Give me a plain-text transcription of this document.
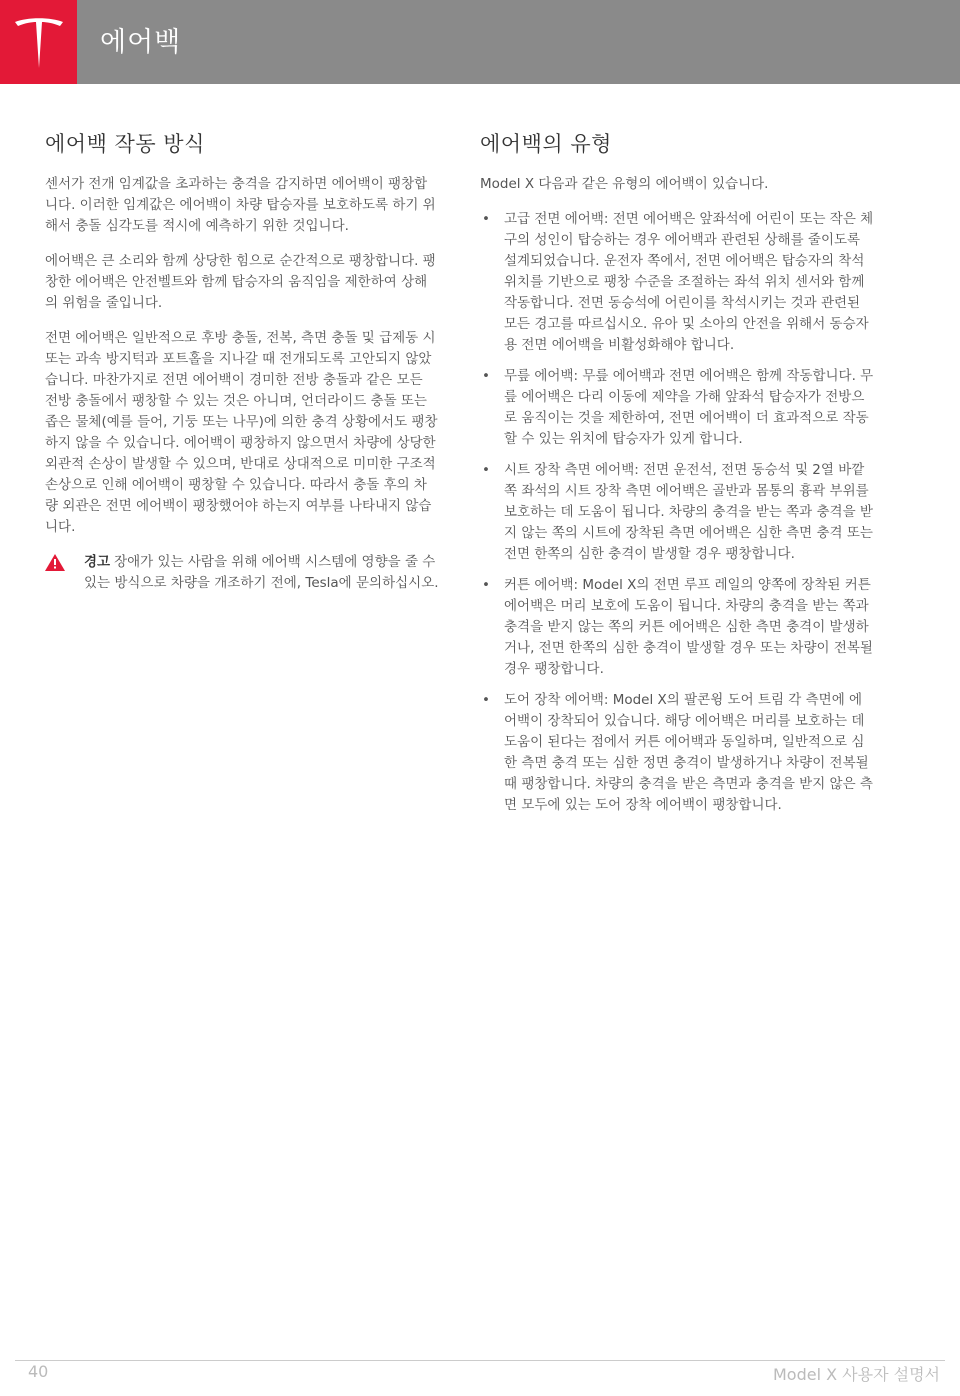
에어백
에어백 작동 방식

센서가 전개 임계값을 초과하는 충격을 감지하면 에어백이 팽창합니다. 이러한 임계값은 에어백이 차량 탑승자를 보호하도록 하기 위해서 충돌 심각도를 적시에 예측하기 위한 것입니다.

에어백은 큰 소리와 함께 상당한 힘으로 순간적으로 팽창합니다. 팽창한 에어백은 안전벨트와 함께 탑승자의 움직임을 제한하여 상해의 위험을 줄입니다.

전면 에어백은 일반적으로 후방 충돌, 전복, 측면 충돌 및 급제동 시 또는 과속 방지턱과 포트홀을 지나갈 때 전개되도록 고안되지 않았습니다. 마찬가지로 전면 에어백이 경미한 전방 충돌과 같은 모든 전방 충돌에서 팽창할 수 있는 것은 아니며, 언더라이드 충돌 또는 좁은 물체(예를 들어, 기둥 또는 나무)에 의한 충격 상황에서도 팽창하지 않을 수 있습니다. 에어백이 팽창하지 않으면서 차량에 상당한 외관적 손상이 발생할 수 있으며, 반대로 상대적으로 미미한 구조적 손상으로 인해 에어백이 팽창할 수 있습니다. 따라서 충돌 후의 차량 외관은 전면 에어백이 팽창했어야 하는지 여부를 나타내지 않습니다.

경고 장애가 있는 사람을 위해 에어백 시스템에 영향을 줄 수 있는 방식으로 차량을 개조하기 전에, Tesla에 문의하십시오.
에어백의 유형

Model X 다음과 같은 유형의 에어백이 있습니다.

• 고급 전면 에어백: 전면 에어백은 앞좌석에 어린이 또는 작은 체구의 성인이 탑승하는 경우 에어백과 관련된 상해를 줄이도록 설계되었습니다. 운전자 쪽에서, 전면 에어백은 탑승자의 착석 위치를 기반으로 팽창 수준을 조절하는 좌석 위치 센서와 함께 작동합니다. 전면 동승석에 어린이를 착석시키는 것과 관련된 모든 경고를 따르십시오. 유아 및 소아의 안전을 위해서 동승자용 전면 에어백을 비활성화해야 합니다.
• 무릎 에어백: 무릎 에어백과 전면 에어백은 함께 작동합니다. 무릎 에어백은 다리 이동에 제약을 가해 앞좌석 탑승자가 전방으로 움직이는 것을 제한하여, 전면 에어백이 더 효과적으로 작동할 수 있는 위치에 탑승자가 있게 합니다.
• 시트 장착 측면 에어백: 전면 운전석, 전면 동승석 및 2열 바깥쪽 좌석의 시트 장착 측면 에어백은 골반과 몸통의 흉곽 부위를 보호하는 데 도움이 됩니다. 차량의 충격을 받는 쪽과 충격을 받지 않는 쪽의 시트에 장착된 측면 에어백은 심한 측면 충격 또는 전면 한쪽의 심한 충격이 발생할 경우 팽창합니다.
• 커튼 에어백: Model X의 전면 루프 레일의 양쪽에 장착된 커튼 에어백은 머리 보호에 도움이 됩니다. 차량의 충격을 받는 쪽과 충격을 받지 않는 쪽의 커튼 에어백은 심한 측면 충격이 발생하거나, 전면 한쪽의 심한 충격이 발생할 경우 또는 차량이 전복될 경우 팽창합니다.
• 도어 장착 에어백: Model X의 팔콘윙 도어 트림 각 측면에 에어백이 장착되어 있습니다. 해당 에어백은 머리를 보호하는 데 도움이 된다는 점에서 커튼 에어백과 동일하며, 일반적으로 심한 측면 충격 또는 심한 정면 충격이 발생하거나 차량이 전복될 때 팽창합니다. 차량의 충격을 받은 측면과 충격을 받지 않은 측면 모두에 있는 도어 장착 에어백이 팽창합니다.
40	Model X 사용자 설명서
